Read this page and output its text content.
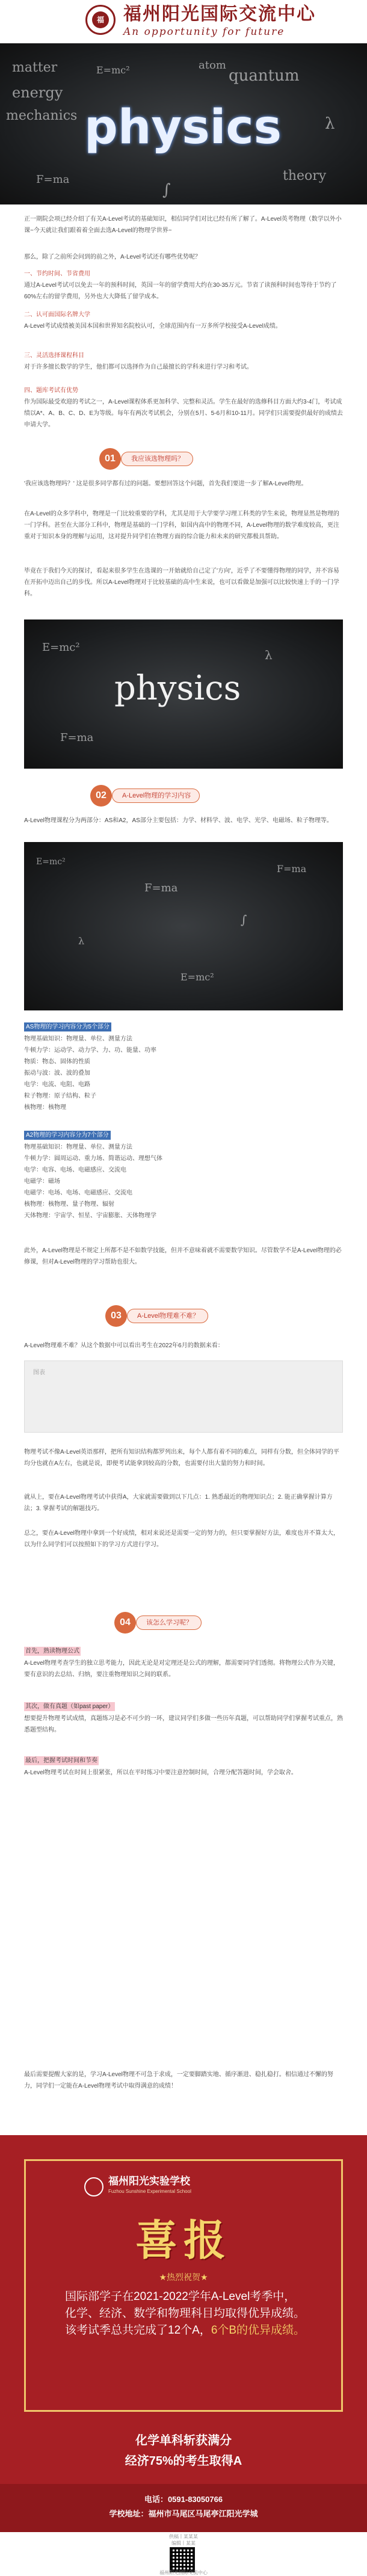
福 福州阳光国际交流中心
An opportunity for future
matter
energy
mechanics
quantum
atom
theory
E=mc²
F=ma
λ
∫
physics
正一期院会项已经介绍了有关A-Level考试的基础知识，相信同学们对比已经有所了解了。A-Level英考物理（数学以外小课~今天就让我们跟着着全面去选A-Level的物理学世界~
那么，除了之前所会问到的前之外，A-Level考试还有哪些优势呢？
一、节约时间、节省费用
通过A-Level考试可以免去一年的预科时间，英国一年的留学费用大约在30-35万元。节省了读预科时间也等待于节约了60%左右的留学费用，另外也大大降低了留学成本。
二、认可面国际名牌大学
A-Level考试成绩被美国本国和世界知名院校认可，全球范围内有一万多所学校接受A-Level成绩。
三、灵活选择课程科目
对于许多擅长数学的学生，他们都可以选择作为自己最擅长的学科来进行学习和考试。
四、题库考试有优势
作为国际最受欢迎的考试之一，A-Level课程体系更加科学、完整和灵活。学生在最好的选修科目方面大约3-4门，考试成绩以A*、A、B、C、D、E为等级。每年有两次考试机会，分别在5月、5-6月和10-11月。同学们只需要提供最好的成绩去申请大学。
01	我应该选物理吗？
'我应该选物理吗？' 这是很多同学都有过的问题。要想回答这个问题，首先我们要进一步了解A-Level物理。
在A-Level的众多学科中，物理是一门比较重要的学科，尤其是用于大学要学习理工科类的学生来说，物理显然是物理的一门学科。甚至在大部分工科中，物理是基础的一门学科，如国内高中的物理不同，A-Level物理的数学难度较高，更注重对于知识本身的理解与运用，这对提升同学们在物理方面的综合能力和未来的研究都极具帮助。
毕竟在于我们今天的探讨，看起来很多学生在选课的一开始就给自己定了'方向'，近乎了不要懂得物理的同学，并不容易在开拓中迈出自己的步伐。所以A-Level物理对于比较基础的高中生来说，也可以看做是加强可以比较快速上手的一门学科。
E=mc²
λ
F=ma
physics
02	A-Level物理的学习内容
A-Level物理课程分为两部分：AS和A2，AS部分主要包括：力学、材料学、波、电学、光学、电磁场、粒子物理等。
E=mc²
F=ma
∫
λ
E=mc²
F=ma
AS物理的学习内容分为5个部分
物理基础知识：物理量、单位、测量方法
牛顿力学：运动学、动力学、力、功、能量、功率
物质：物态、固体的性质
振动与波：波、波的叠加
电学：电流、电阻、电路
粒子物理：原子结构、粒子
核物理：核物理
A2物理的学习内容分为7个部分
物理基础知识：物理量、单位、测量方法
牛顿力学：圆周运动、重力场、简谐运动、理想气体
电学：电容、电场、电磁感应、交流电
电磁学：磁场
电磁学：电场、电场、电磁感应、交流电
核物理：核物理、量子物理、辐射
天体物理：宇宙学、恒星、宇宙膨胀、天体物理学
此外，A-Level物理是不规定上所都不是不如数学技能，但并不意味着就不需要数学知识。尽管数学不是A-Level物理的必修课，但对A-Level物理的学习帮助也很大。
03	A-Level物理难不难？
A-Level物理难不难？从这个数据中可以看出考生在2022年6月的数据来看：
图表
物理考试不像A-Level英语那样，把所有知识结构都罗列出来，每个人都有着不同的难点，同样有分数，但全体同学的平均分也就在A左右，也就是说，即便考试能拿到较高的分数，也需要付出大量的努力和时间。
就从上，要在A-Level物理考试中获得A，大家就需要做到以下几点：1. 熟悉最近的物理知识点；2. 能正确掌握计算方法；3. 掌握考试的解题技巧。
总之，要在A-Level物理中拿到一个好成绩，相对来说还是需要一定的努力的，但只要掌握好方法，难度也并不算太大，以为什么同学们可以按照如下的学习方式进行学习。
04	该怎么学习呢？
首先，熟读物理公式
A-Level物理考查学生的独立思考能力，因此无论是对定理还是公式的理解，都需要同学们透彻。将物理公式作为关键，要有意识的去总结、归纳，要注重物理知识之间的联系。
其次，做有真题（如past paper）
想要提升物理考试成绩，真题练习是必不可少的一环，建议同学们多做一些历年真题，可以帮助同学们掌握考试重点，熟悉题型结构。
最后，把握考试时间和节奏
A-Level物理考试在时间上很紧张，所以在平时练习中要注意控制时间，合理分配答题时间，学会取舍。
最后需要提醒大家的是，学习A-Level物理不可急于求成，一定要脚踏实地、循序渐进、稳扎稳打。相信通过不懈的努力，同学们一定能在A-Level物理考试中取得满意的成绩！
福州阳光实验学校
Fuzhou Sunshine Experimental School
喜报
★热烈祝贺★
国际部学子在2021-2022学年A-Level考季中，化学、经济、数学和物理科目均取得优异成绩。该考试季总共完成了12个A，6个B的优异成绩。
化学单科斩获满分
经济75%的考生取得A
电话：0591-83050766
学校地址：福州市马尾区马尾亭江阳光学城
供稿丨某某某
编辑丨某某
福州阳光国际交流中心
